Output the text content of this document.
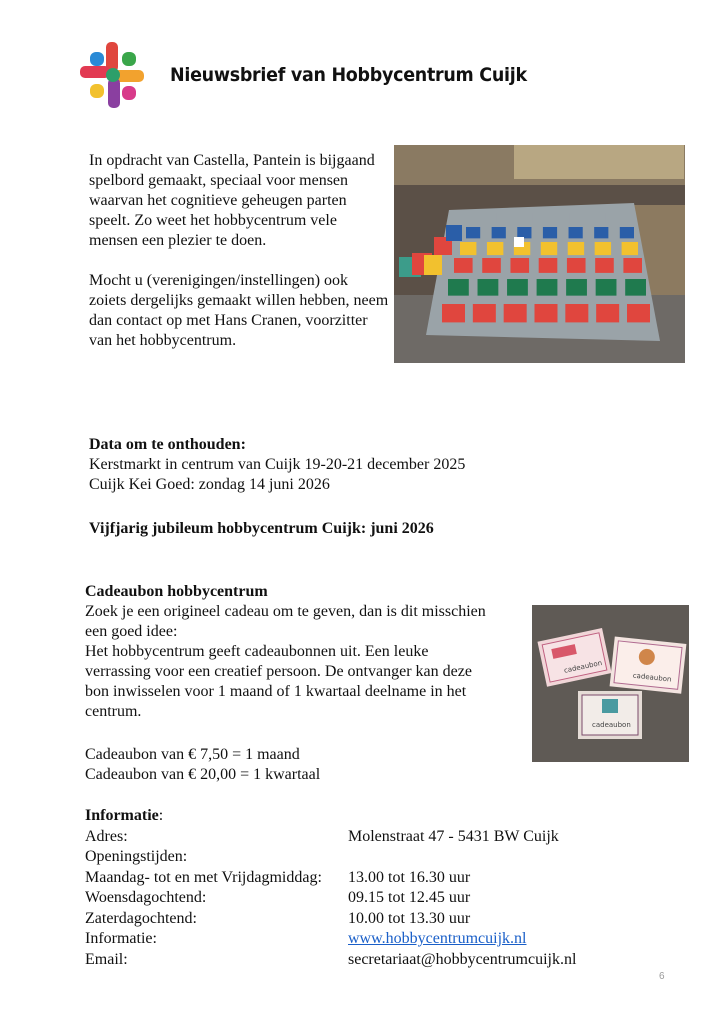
Nieuwsbrief van Hobbycentrum Cuijk

In opdracht van Castella, Pantein is bijgaand spelbord gemaakt, speciaal voor mensen waarvan het cognitieve geheugen parten speelt. Zo weet het hobbycentrum vele mensen een plezier te doen.

Mocht u (verenigingen/instellingen) ook zoiets dergelijks gemaakt willen hebben, neem dan contact op met Hans Cranen, voorzitter van het hobbycentrum.

Data om te onthouden:
Kerstmarkt in centrum van Cuijk 19-20-21 december 2025
Cuijk Kei Goed: zondag 14 juni 2026
Vijfjarig jubileum hobbycentrum Cuijk: juni 2026
Cadeaubon hobbycentrum
Zoek je een origineel cadeau om te geven, dan is dit misschien
een goed idee:
Het hobbycentrum geeft cadeaubonnen uit. Een leuke
verrassing voor een creatief persoon. De ontvanger kan deze
bon inwisselen voor 1 maand of 1 kwartaal deelname in het
centrum.
cadeaubon
cadeaubon
cadeaubon
Cadeaubon van € 7,50 = 1 maand
Cadeaubon van € 20,00 = 1 kwartaal
Informatie:
Adres:	Molenstraat 47 - 5431 BW Cuijk
Openingstijden:
Maandag- tot en met Vrijdagmiddag:	13.00 tot 16.30 uur
Woensdagochtend:	09.15 tot 12.45 uur
Zaterdagochtend:	10.00 tot 13.30 uur
Informatie:	www.hobbycentrumcuijk.nl
Email:	secretariaat@hobbycentrumcuijk.nl
6
